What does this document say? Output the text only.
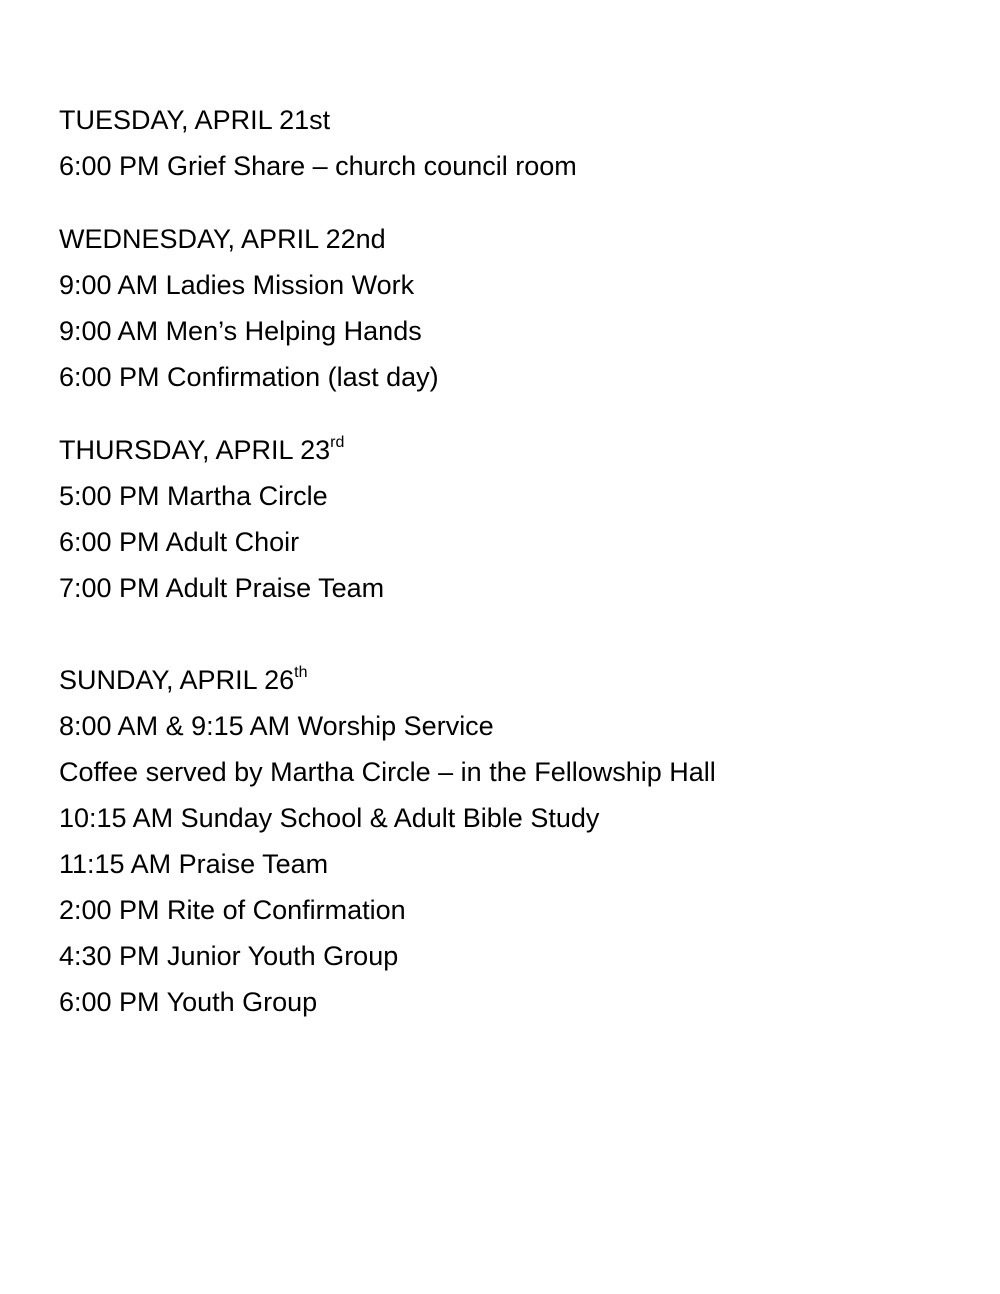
TUESDAY, APRIL 21st

6:00 PM Grief Share – church council room

WEDNESDAY, APRIL 22nd

9:00 AM Ladies Mission Work

9:00 AM Men’s Helping Hands

6:00 PM Confirmation (last day)

THURSDAY, APRIL 23rd

5:00 PM Martha Circle

6:00 PM Adult Choir

7:00 PM Adult Praise Team

SUNDAY, APRIL 26th

8:00 AM & 9:15 AM Worship Service

Coffee served by Martha Circle – in the Fellowship Hall

10:15 AM Sunday School & Adult Bible Study

11:15 AM Praise Team

2:00 PM Rite of Confirmation

4:30 PM Junior Youth Group

6:00 PM Youth Group
